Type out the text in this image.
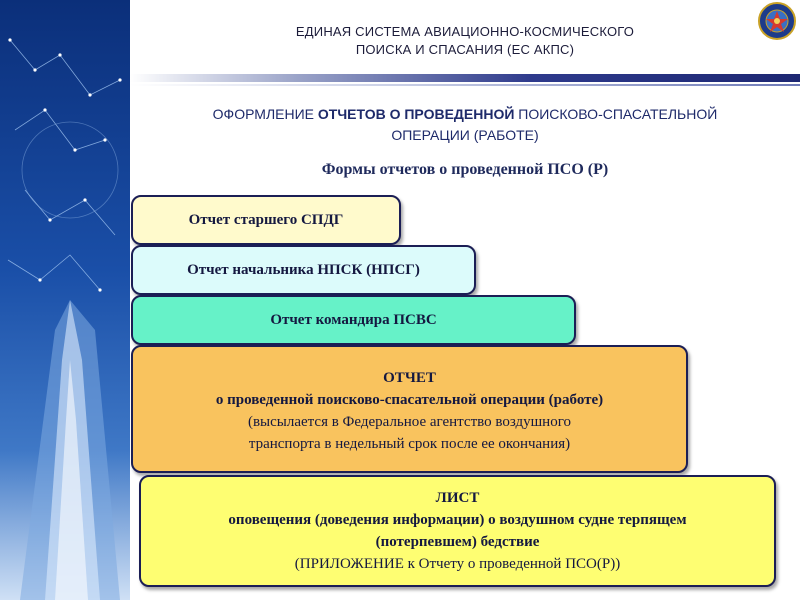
ЕДИНАЯ СИСТЕМА АВИАЦИОННО-КОСМИЧЕСКОГО
ПОИСКА И СПАСАНИЯ (ЕС АКПС)
ОФОРМЛЕНИЕ ОТЧЕТОВ О ПРОВЕДЕННОЙ ПОИСКОВО-СПАСАТЕЛЬНОЙ
ОПЕРАЦИИ (РАБОТЕ)
Формы отчетов о проведенной ПСО (Р)
Отчет старшего СПДГ
Отчет начальника НПСК (НПСГ)
Отчет командира ПСВС
ОТЧЕТ
о проведенной поисково-спасательной операции (работе)
(высылается в Федеральное агентство воздушного
транспорта в недельный срок после ее окончания)
ЛИСТ
оповещения (доведения информации) о воздушном судне терпящем
(потерпевшем) бедствие
(ПРИЛОЖЕНИЕ к Отчету о проведенной ПСО(Р))
